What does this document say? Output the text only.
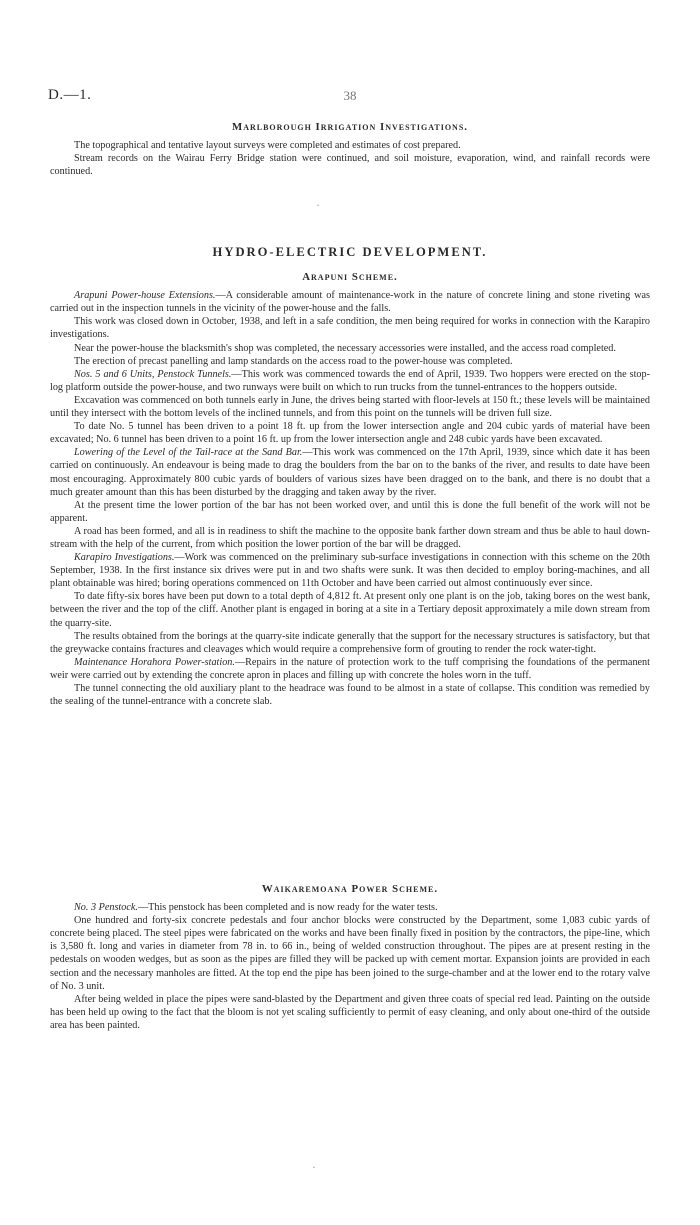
D.—1.	38
Marlborough Irrigation Investigations.

The topographical and tentative layout surveys were completed and estimates of cost prepared.

Stream records on the Wairau Ferry Bridge station were continued, and soil moisture, evaporation, wind, and rainfall records were continued.

·
HYDRO-ELECTRIC DEVELOPMENT.
Arapuni Scheme.

Arapuni Power-house Extensions.—A considerable amount of maintenance-work in the nature of concrete lining and stone riveting was carried out in the inspection tunnels in the vicinity of the power-house and the falls.

This work was closed down in October, 1938, and left in a safe condition, the men being required for works in connection with the Karapiro investigations.

Near the power-house the blacksmith's shop was completed, the necessary accessories were installed, and the access road completed.

The erection of precast panelling and lamp standards on the access road to the power-house was completed.

Nos. 5 and 6 Units, Penstock Tunnels.—This work was commenced towards the end of April, 1939. Two hoppers were erected on the stop-log platform outside the power-house, and two runways were built on which to run trucks from the tunnel-entrances to the hoppers outside.

Excavation was commenced on both tunnels early in June, the drives being started with floor-levels at 150 ft.; these levels will be maintained until they intersect with the bottom levels of the inclined tunnels, and from this point on the tunnels will be driven full size.

To date No. 5 tunnel has been driven to a point 18 ft. up from the lower intersection angle and 204 cubic yards of material have been excavated; No. 6 tunnel has been driven to a point 16 ft. up from the lower intersection angle and 248 cubic yards have been excavated.

Lowering of the Level of the Tail-race at the Sand Bar.—This work was commenced on the 17th April, 1939, since which date it has been carried on continuously. An endeavour is being made to drag the boulders from the bar on to the banks of the river, and results to date have been most encouraging. Approximately 800 cubic yards of boulders of various sizes have been dragged on to the bank, and there is no doubt that a much greater amount than this has been disturbed by the dragging and taken away by the river.

At the present time the lower portion of the bar has not been worked over, and until this is done the full benefit of the work will not be apparent.

A road has been formed, and all is in readiness to shift the machine to the opposite bank farther down stream and thus be able to haul down-stream with the help of the current, from which position the lower portion of the bar will be dragged.

Karapiro Investigations.—Work was commenced on the preliminary sub-surface investigations in connection with this scheme on the 20th September, 1938. In the first instance six drives were put in and two shafts were sunk. It was then decided to employ boring-machines, and all plant obtainable was hired; boring operations commenced on 11th October and have been carried out almost continuously ever since.

To date fifty-six bores have been put down to a total depth of 4,812 ft. At present only one plant is on the job, taking bores on the west bank, between the river and the top of the cliff. Another plant is engaged in boring at a site in a Tertiary deposit approximately a mile down stream from the quarry-site.

The results obtained from the borings at the quarry-site indicate generally that the support for the necessary structures is satisfactory, but that the greywacke contains fractures and cleavages which would require a comprehensive form of grouting to render the rock water-tight.

Maintenance Horahora Power-station.—Repairs in the nature of protection work to the tuff comprising the foundations of the permanent weir were carried out by extending the concrete apron in places and filling up with concrete the holes worn in the tuff.

The tunnel connecting the old auxiliary plant to the headrace was found to be almost in a state of collapse. This condition was remedied by the sealing of the tunnel-entrance with a concrete slab.

Waikaremoana Power Scheme.

No. 3 Penstock.—This penstock has been completed and is now ready for the water tests.

One hundred and forty-six concrete pedestals and four anchor blocks were constructed by the Department, some 1,083 cubic yards of concrete being placed. The steel pipes were fabricated on the works and have been finally fixed in position by the contractors, the pipe-line, which is 3,580 ft. long and varies in diameter from 78 in. to 66 in., being of welded construction throughout. The pipes are at present resting in the pedestals on wooden wedges, but as soon as the pipes are filled they will be packed up with cement mortar. Expansion joints are provided in each section and the necessary manholes are fitted. At the top end the pipe has been joined to the surge-chamber and at the lower end to the rotary valve of No. 3 unit.

After being welded in place the pipes were sand-blasted by the Department and given three coats of special red lead. Painting on the outside has been held up owing to the fact that the bloom is not yet scaling sufficiently to permit of easy cleaning, and only about one-third of the outside area has been painted.

·
